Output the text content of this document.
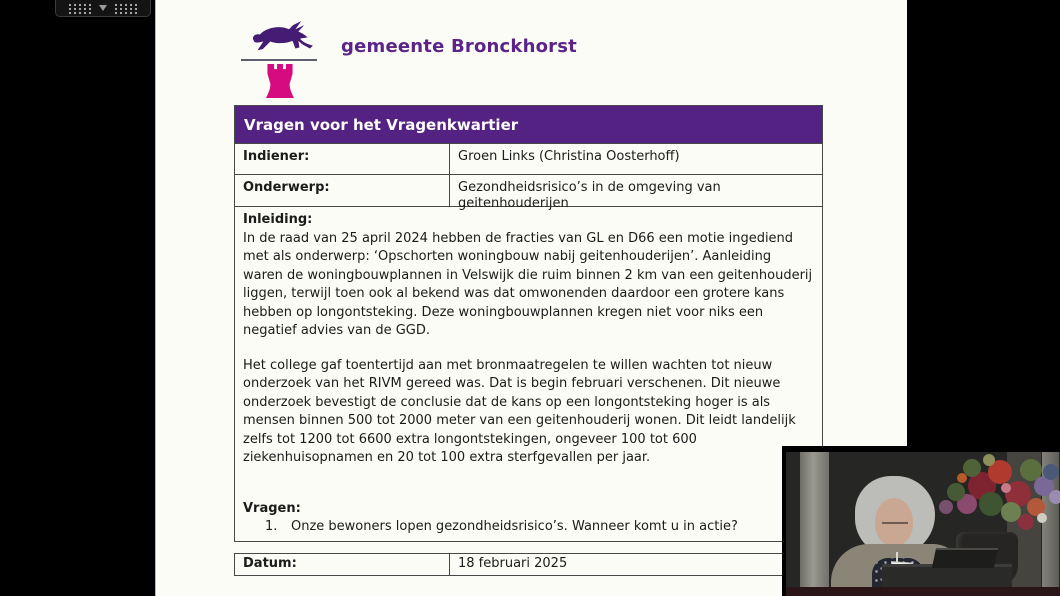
gemeente Bronckhorst
Vragen voor het Vragenkwartier
Indiener:	Groen Links (Christina Oosterhoff)
Onderwerp:	Gezondheidsrisico’s in de omgeving van geitenhouderijen
Inleiding:

In de raad van 25 april 2024 hebben de fracties van GL en D66 een motie ingediend met als onderwerp: ‘Opschorten woningbouw nabij geitenhouderijen’. Aanleiding waren de woningbouwplannen in Velswijk die ruim binnen 2 km van een geitenhouderij liggen, terwijl toen ook al bekend was dat omwonenden daardoor een grotere kans hebben op longontsteking. Deze woningbouwplannen kregen niet voor niks een negatief advies van de GGD.

Het college gaf toentertijd aan met bronmaatregelen te willen wachten tot nieuw onderzoek van het RIVM gereed was. Dat is begin februari verschenen. Dit nieuwe onderzoek bevestigt de conclusie dat de kans op een longontsteking hoger is als mensen binnen 500 tot 2000 meter van een geitenhouderij wonen. Dit leidt landelijk zelfs tot 1200 tot 6600 extra longontstekingen, ongeveer 100 tot 600 ziekenhuisopnamen en 20 tot 100 extra sterfgevallen per jaar.

Vragen:
1.	Onze bewoners lopen gezondheidsrisico’s. Wanneer komt u in actie?
Datum:	18 februari 2025
